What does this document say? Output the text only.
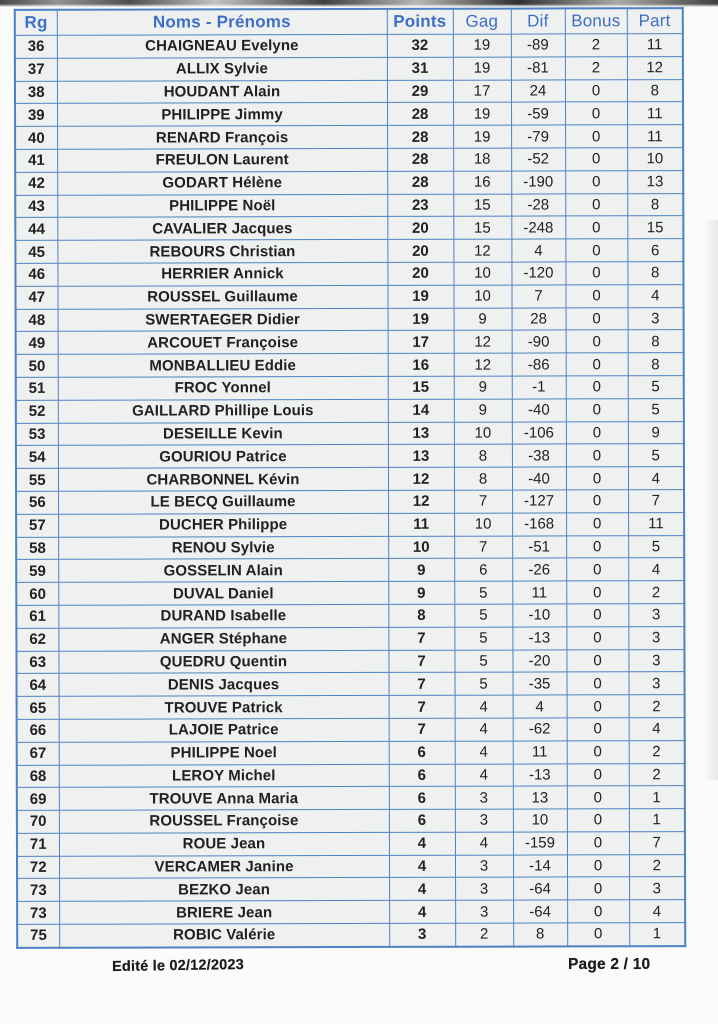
Rg	Noms - Prénoms	Points	Gag	Dif	Bonus	Part
36	CHAIGNEAU Evelyne	32	19	-89	2	11
37	ALLIX Sylvie	31	19	-81	2	12
38	HOUDANT Alain	29	17	24	0	8
39	PHILIPPE Jimmy	28	19	-59	0	11
40	RENARD François	28	19	-79	0	11
41	FREULON Laurent	28	18	-52	0	10
42	GODART Hélène	28	16	-190	0	13
43	PHILIPPE Noël	23	15	-28	0	8
44	CAVALIER Jacques	20	15	-248	0	15
45	REBOURS Christian	20	12	4	0	6
46	HERRIER Annick	20	10	-120	0	8
47	ROUSSEL Guillaume	19	10	7	0	4
48	SWERTAEGER Didier	19	9	28	0	3
49	ARCOUET Françoise	17	12	-90	0	8
50	MONBALLIEU Eddie	16	12	-86	0	8
51	FROC Yonnel	15	9	-1	0	5
52	GAILLARD Phillipe Louis	14	9	-40	0	5
53	DESEILLE Kevin	13	10	-106	0	9
54	GOURIOU Patrice	13	8	-38	0	5
55	CHARBONNEL Kévin	12	8	-40	0	4
56	LE BECQ Guillaume	12	7	-127	0	7
57	DUCHER Philippe	11	10	-168	0	11
58	RENOU Sylvie	10	7	-51	0	5
59	GOSSELIN Alain	9	6	-26	0	4
60	DUVAL Daniel	9	5	11	0	2
61	DURAND Isabelle	8	5	-10	0	3
62	ANGER Stéphane	7	5	-13	0	3
63	QUEDRU Quentin	7	5	-20	0	3
64	DENIS Jacques	7	5	-35	0	3
65	TROUVE Patrick	7	4	4	0	2
66	LAJOIE Patrice	7	4	-62	0	4
67	PHILIPPE Noel	6	4	11	0	2
68	LEROY Michel	6	4	-13	0	2
69	TROUVE Anna Maria	6	3	13	0	1
70	ROUSSEL Françoise	6	3	10	0	1
71	ROUE Jean	4	4	-159	0	7
72	VERCAMER Janine	4	3	-14	0	2
73	BEZKO Jean	4	3	-64	0	3
73	BRIERE Jean	4	3	-64	0	4
75	ROBIC Valérie	3	2	8	0	1
Edité le 02/12/2023	Page 2 / 10
